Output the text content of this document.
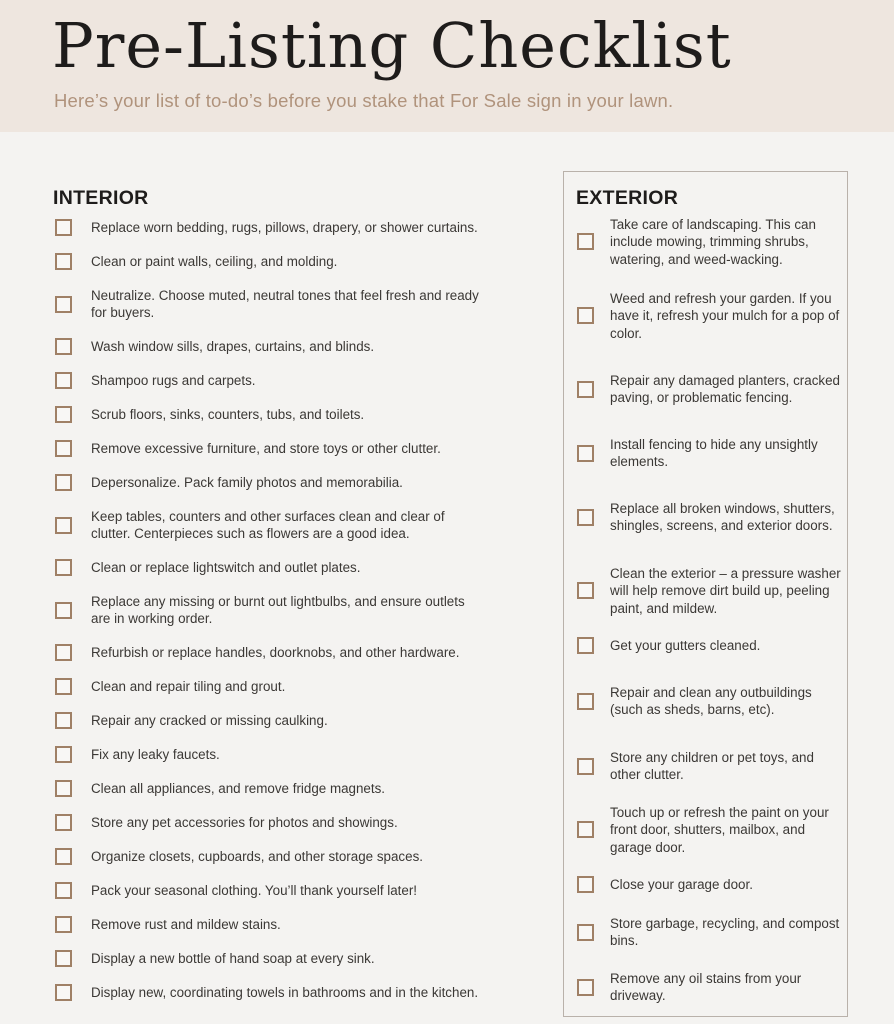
Pre-Listing Checklist
Here’s your list of to-do’s before you stake that For Sale sign in your lawn.
INTERIOR
Replace worn bedding, rugs, pillows, drapery, or shower curtains.
Clean or paint walls, ceiling, and molding.
Neutralize. Choose muted, neutral tones that feel fresh and ready
for buyers.
Wash window sills, drapes, curtains, and blinds.
Shampoo rugs and carpets.
Scrub floors, sinks, counters, tubs, and toilets.
Remove excessive furniture, and store toys or other clutter.
Depersonalize. Pack family photos and memorabilia.
Keep tables, counters and other surfaces clean and clear of
clutter. Centerpieces such as flowers are a good idea.
Clean or replace lightswitch and outlet plates.
Replace any missing or burnt out lightbulbs, and ensure outlets
are in working order.
Refurbish or replace handles, doorknobs, and other hardware.
Clean and repair tiling and grout.
Repair any cracked or missing caulking.
Fix any leaky faucets.
Clean all appliances, and remove fridge magnets.
Store any pet accessories for photos and showings.
Organize closets, cupboards, and other storage spaces.
Pack your seasonal clothing. You’ll thank yourself later!
Remove rust and mildew stains.
Display a new bottle of hand soap at every sink.
Display new, coordinating towels in bathrooms and in the kitchen.
EXTERIOR
Take care of landscaping. This can include mowing, trimming shrubs, watering, and weed-wacking.
Weed and refresh your garden. If you have it, refresh your mulch for a pop of color.
Repair any damaged planters, cracked paving, or problematic fencing.
Install fencing to hide any unsightly elements.
Replace all broken windows, shutters, shingles, screens, and exterior doors.
Clean the exterior – a pressure washer will help remove dirt build up, peeling paint, and mildew.
Get your gutters cleaned.
Repair and clean any outbuildings (such as sheds, barns, etc).
Store any children or pet toys, and other clutter.
Touch up or refresh the paint on your front door, shutters, mailbox, and garage door.
Close your garage door.
Store garbage, recycling, and compost bins.
Remove any oil stains from your driveway.
